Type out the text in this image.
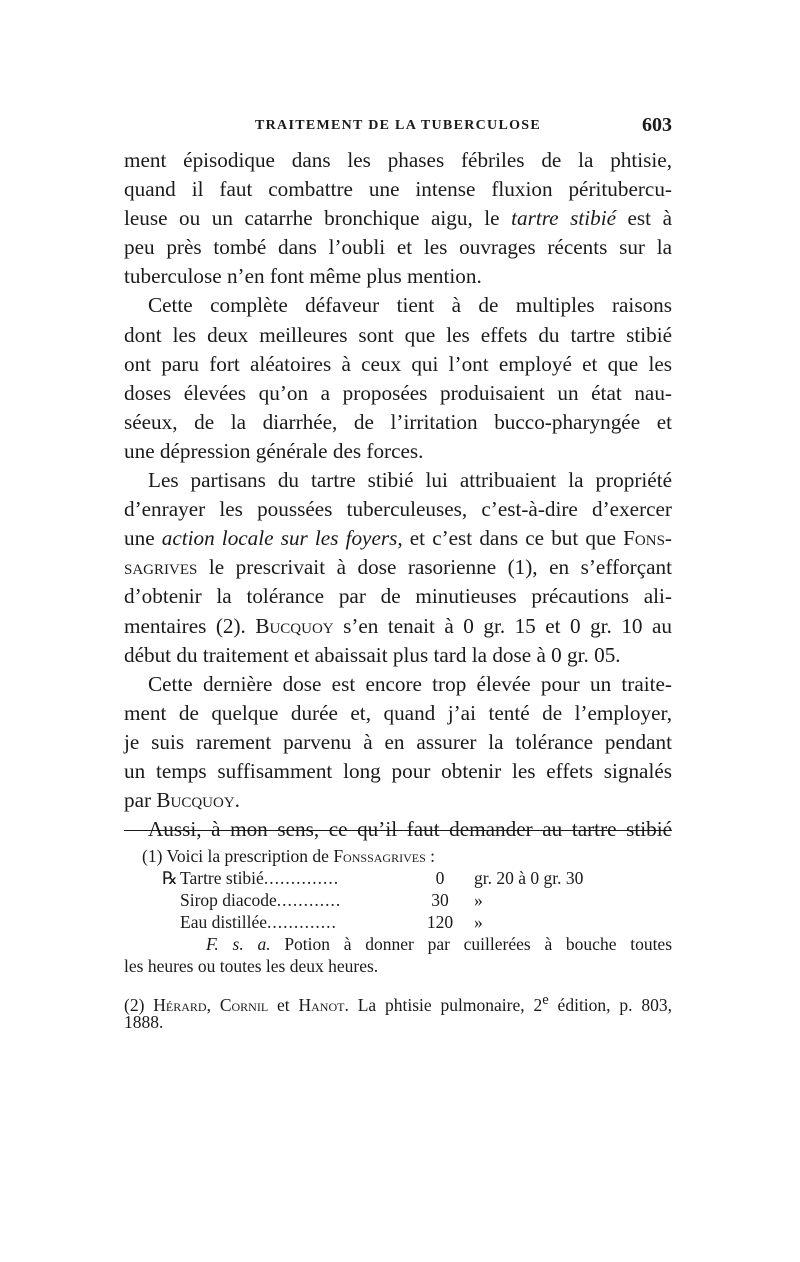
TRAITEMENT DE LA TUBERCULOSE	603
ment épisodique dans les phases fébriles de la phtisie,
quand il faut combattre une intense fluxion péritubercu-
leuse ou un catarrhe bronchique aigu, le tartre stibié est à
peu près tombé dans l’oubli et les ouvrages récents sur la
tuberculose n’en font même plus mention.
Cette complète défaveur tient à de multiples raisons
dont les deux meilleures sont que les effets du tartre stibié
ont paru fort aléatoires à ceux qui l’ont employé et que les
doses élevées qu’on a proposées produisaient un état nau-
séeux, de la diarrhée, de l’irritation bucco-pharyngée et
une dépression générale des forces.
Les partisans du tartre stibié lui attribuaient la propriété
d’enrayer les poussées tuberculeuses, c’est-à-dire d’exercer
une action locale sur les foyers, et c’est dans ce but que Fons-
sagrives le prescrivait à dose rasorienne (1), en s’efforçant
d’obtenir la tolérance par de minutieuses précautions ali-
mentaires (2). Bucquoy s’en tenait à 0 gr. 15 et 0 gr. 10 au
début du traitement et abaissait plus tard la dose à 0 gr. 05.
Cette dernière dose est encore trop élevée pour un traite-
ment de quelque durée et, quand j’ai tenté de l’employer,
je suis rarement parvenu à en assurer la tolérance pendant
un temps suffisamment long pour obtenir les effets signalés
par Bucquoy.
Aussi, à mon sens, ce qu’il faut demander au tartre stibié
(1) Voici la prescription de Fonssagrives :
℞	Tartre stibié..............	0	gr. 20 à 0 gr. 30
	Sirop diacode............	30	»
	Eau distillée.............	120	»
F. s. a. Potion à donner par cuillerées à bouche toutes
les heures ou toutes les deux heures.
(2) Hérard, Cornil et Hanot. La phtisie pulmonaire, 2e édition, p. 803,
1888.
